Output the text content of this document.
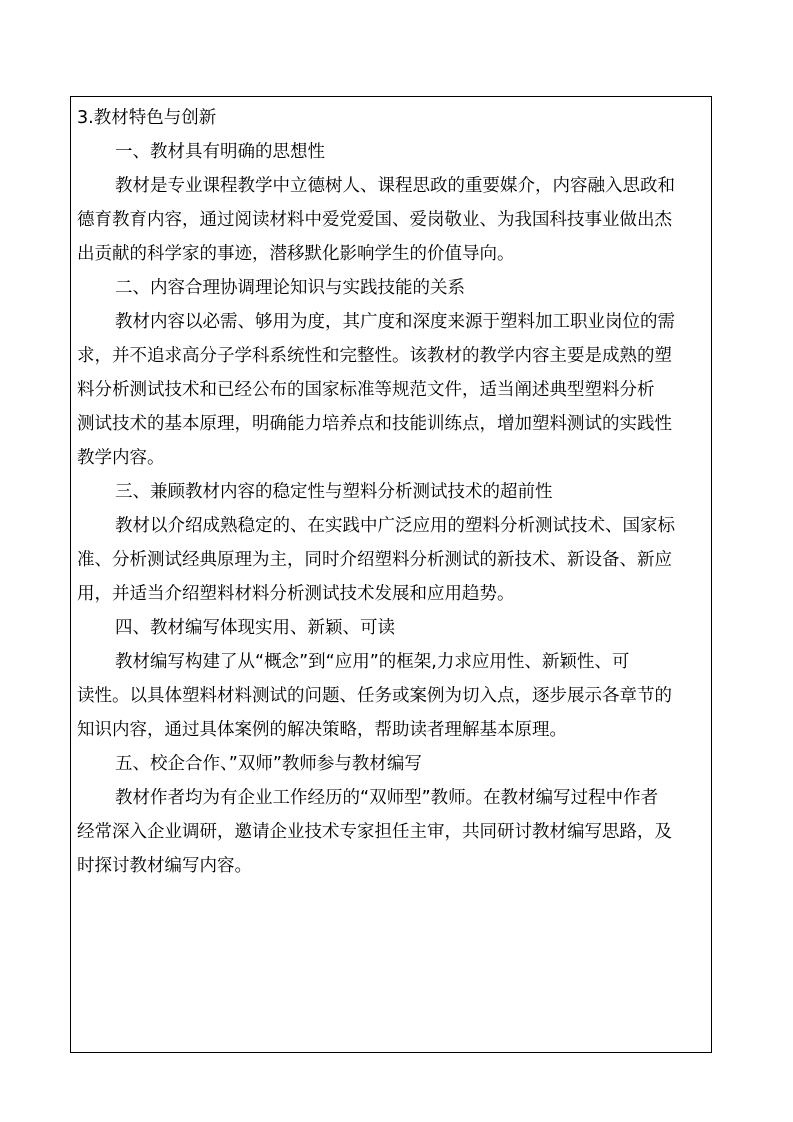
3.教材特色与创新
一、教材具有明确的思想性
教材是专业课程教学中立德树人、课程思政的重要媒介，内容融入思政和
德育教育内容，通过阅读材料中爱党爱国、爱岗敬业、为我国科技事业做出杰
出贡献的科学家的事迹，潜移默化影响学生的价值导向。
二、内容合理协调理论知识与实践技能的关系
教材内容以必需、够用为度，其广度和深度来源于塑料加工职业岗位的需
求，并不追求高分子学科系统性和完整性。该教材的教学内容主要是成熟的塑
料分析测试技术和已经公布的国家标准等规范文件，适当阐述典型塑料分析
测试技术的基本原理，明确能力培养点和技能训练点，增加塑料测试的实践性
教学内容。
三、兼顾教材内容的稳定性与塑料分析测试技术的超前性
教材以介绍成熟稳定的、在实践中广泛应用的塑料分析测试技术、国家标
准、分析测试经典原理为主，同时介绍塑料分析测试的新技术、新设备、新应
用，并适当介绍塑料材料分析测试技术发展和应用趋势。
四、教材编写体现实用、新颖、可读
教材编写构建了从“概念”到“应用”的框架,力求应用性、新颖性、可
读性。以具体塑料材料测试的问题、任务或案例为切入点，逐步展示各章节的
知识内容，通过具体案例的解决策略，帮助读者理解基本原理。
五、校企合作、”双师”教师参与教材编写
教材作者均为有企业工作经历的“双师型”教师。在教材编写过程中作者
经常深入企业调研，邀请企业技术专家担任主审，共同研讨教材编写思路，及
时探讨教材编写内容。
